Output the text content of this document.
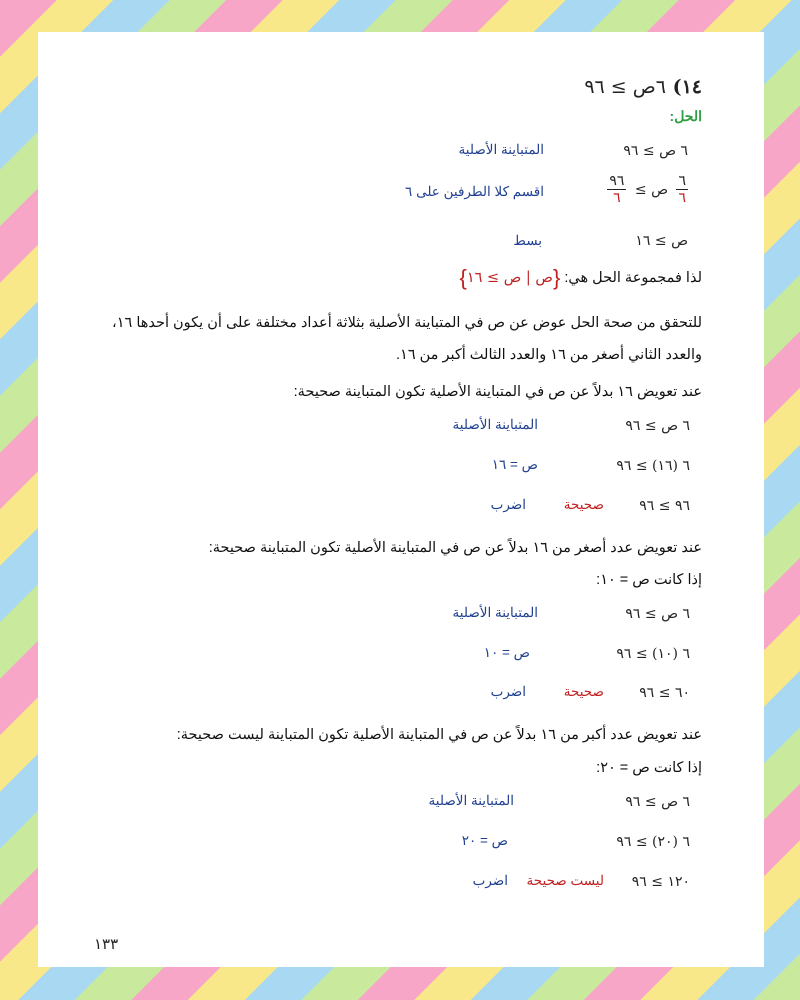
١٤) ٦ص ≥ ٩٦
الحل:
٦ ص ≥ ٩٦
المتباينة الأصلية
$\frac{٦}{٦}$
ص ≥
$\frac{٩٦}{٦}$
اقسم كلا الطرفين على ٦
ص ≥ ١٦
بسط
لذا فمجموعة الحل هي: {ص | ص ≥ ١٦}
للتحقق من صحة الحل عوض عن ص في المتباينة الأصلية بثلاثة أعداد مختلفة على أن يكون أحدها ١٦،
والعدد الثاني أصغر من ١٦ والعدد الثالث أكبر من ١٦.
عند تعويض ١٦ بدلاً عن ص في المتباينة الأصلية تكون المتباينة صحيحة:
٦ ص ≥ ٩٦
المتباينة الأصلية
٦ (١٦) ≥ ٩٦
ص = ١٦
٩٦ ≥ ٩٦
صحيحة
اضرب
عند تعويض عدد أصغر من ١٦ بدلاً عن ص في المتباينة الأصلية تكون المتباينة صحيحة:
إذا كانت ص = ١٠:
٦ ص ≥ ٩٦
المتباينة الأصلية
٦ (١٠) ≥ ٩٦
ص = ١٠
٦٠ ≥ ٩٦
صحيحة
اضرب
عند تعويض عدد أكبر من ١٦ بدلاً عن ص في المتباينة الأصلية تكون المتباينة ليست صحيحة:
إذا كانت ص = ٢٠:
٦ ص ≥ ٩٦
المتباينة الأصلية
٦ (٢٠) ≥ ٩٦
ص = ٢٠
١٢٠ ≥ ٩٦
ليست صحيحة
اضرب
١٣٣
